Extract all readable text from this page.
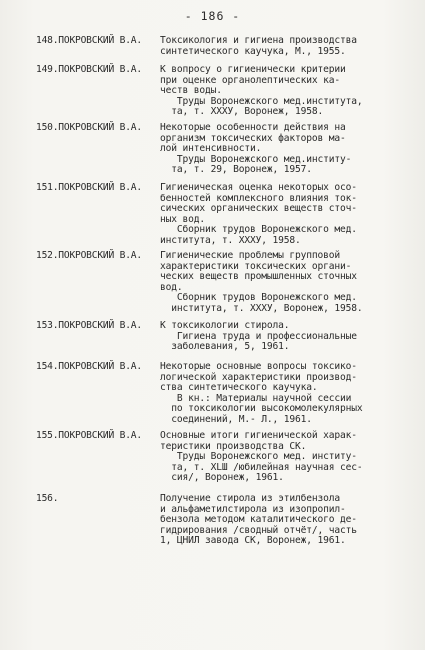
- 186 -
148.ПОКРОВСКИЙ В.А.	Токсикология и гигиена производства
синтетического каучука, М., 1955.
149.ПОКРОВСКИЙ В.А.	К вопросу о гигиенически критерии
при оценке органолептических ка-
честв воды.
Труды Воронежского мед.института,
та, т. XXXУ, Воронеж, 1958.
150.ПОКРОВСКИЙ В.А.	Некоторые особенности действия на
организм токсических факторов ма-
лой интенсивности.
Труды Воронежского мед.институ-
та, т. 29, Воронеж, 1957.
151.ПОКРОВСКИЙ В.А.	Гигиеническая оценка некоторых осо-
бенностей комплексного влияния ток-
сических органических веществ сточ-
ных вод.
Сборник трудов Воронежского мед.
института, т. XXXУ, 1958.
152.ПОКРОВСКИЙ В.А.	Гигиенические проблемы групповой
характеристики токсических органи-
ческих веществ промышленных сточных
вод.
Сборник трудов Воронежского мед.
института, т. XXXУ, Воронеж, 1958.
153.ПОКРОВСКИЙ В.А.	К токсикологии стирола.
Гигиена труда и профессиональные
заболевания, 5, 1961.
154.ПОКРОВСКИЙ В.А.	Некоторые основные вопросы токсико-
логической характеристики производ-
ства синтетического каучука.
В кн.: Материалы научной сессии
по токсикологии высокомолекулярных
соединений, М.- Л., 1961.
155.ПОКРОВСКИЙ В.А.	Основные итоги гигиенической харак-
теристики производства СК.
Труды Воронежского мед. институ-
та, т. XLШ /юбилейная научная сес-
сия/, Воронеж, 1961.
156.	Получение стирола из этилбензола
и альфаметилстирола из изопропил-
бензола методом каталитического де-
гидрирования /сводный отчёт/, часть
1, ЦНИЛ завода СК, Воронеж, 1961.
